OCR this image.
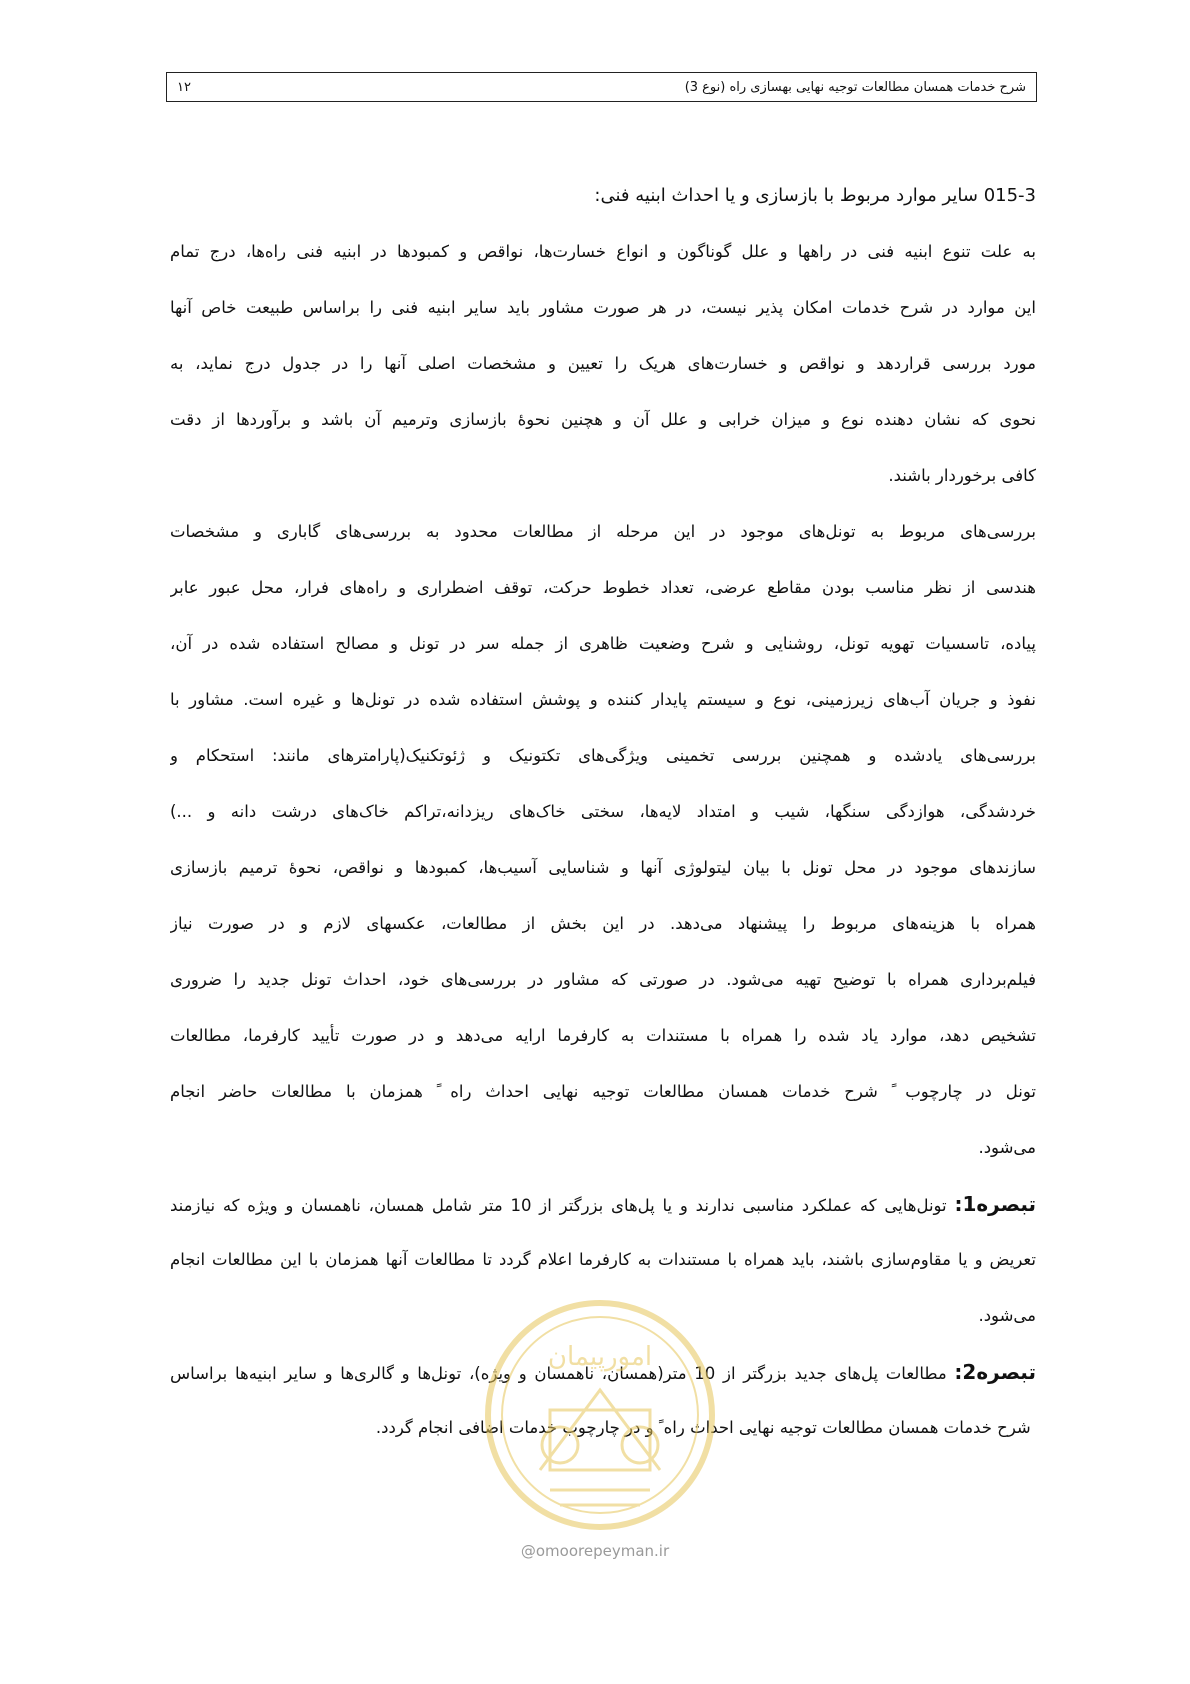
شرح خدمات همسان مطالعات توجیه نهایی بهسازی راه (نوع 3)
۱۲
015-3 سایر موارد مربوط با بازسازی و یا احداث ابنیه فنی:
به علت تنوع ابنیه فنی در راهها و علل گوناگون و انواع خسارت‌ها، نواقص و کمبودها در ابنیه فنی راه‌ها، درج تمام
این موارد در شرح خدمات امکان پذیر نیست، در هر صورت مشاور باید سایر ابنیه فنی را براساس طبیعت خاص آنها
مورد بررسی قراردهد و نواقص و خسارت‌های هریک را تعیین و مشخصات اصلی آنها را در جدول درج نماید، به
نحوی که نشان دهنده نوع و میزان خرابی و علل آن و هچنین نحوهٔ بازسازی وترمیم آن باشد و برآوردها از دقت
کافی برخوردار باشند.
بررسی‌های مربوط به تونل‌های موجود در این مرحله از مطالعات محدود به بررسی‌های گاباری و مشخصات
هندسی از نظر مناسب بودن مقاطع عرضی، تعداد خطوط حرکت، توقف اضطراری و راه‌های فرار، محل عبور عابر
پیاده، تاسسیات تهویه تونل، روشنایی و شرح وضعیت ظاهری از جمله سر در تونل و مصالح استفاده شده در آن،
نفوذ و جریان آب‌های زیرزمینی، نوع و سیستم پایدار کننده و پوشش استفاده شده در تونل‌ها و غیره است. مشاور با
بررسی‌های یادشده و همچنین بررسی تخمینی ویژگی‌های تکتونیک و ژئوتکنیک(پارامترهای مانند: استحکام و
خردشدگی، هوازدگی سنگها، شیب و امتداد لایه‌ها، سختی خاک‌های ریزدانه،تراکم خاک‌های درشت دانه و ...)
سازندهای موجود در محل تونل با بیان لیتولوژی آنها و شناسایی آسیب‌ها، کمبودها و نواقص، نحوهٔ ترمیم بازسازی
همراه با هزینه‌های مربوط را پیشنهاد می‌دهد. در این بخش از مطالعات، عکسهای لازم و در صورت نیاز
فیلم‌برداری همراه با توضیح تهیه می‌شود. در صورتی که مشاور در بررسی‌های خود، احداث تونل جدید را ضروری
تشخیص دهد، موارد یاد شده را همراه با مستندات به کارفرما ارایه می‌دهد و در صورت تأیید کارفرما، مطالعات
تونل در چارچوب ً شرح خدمات همسان مطالعات توجیه نهایی احداث راه ً همزمان با مطالعات حاضر انجام
می‌شود.
تبصره1: تونل‌هایی که عملکرد مناسبی ندارند و یا پل‌های بزرگتر از 10 متر شامل همسان، ناهمسان و ویژه که نیازمند
تعریض و یا مقاوم‌سازی باشند، باید همراه با مستندات به کارفرما اعلام گردد تا مطالعات آنها همزمان با این مطالعات انجام
می‌شود.
تبصره2: مطالعات پل‌های جدید بزرگتر از 10 متر(همسان، ناهمسان و ویژه)، تونل‌ها و گالری‌ها و سایر ابنیه‌ها براساس
ً شرح خدمات همسان مطالعات توجیه نهایی احداث راه ً و در چارچوب خدمات اضافی انجام گردد.
امورپیمان
@omoorepeyman.ir
